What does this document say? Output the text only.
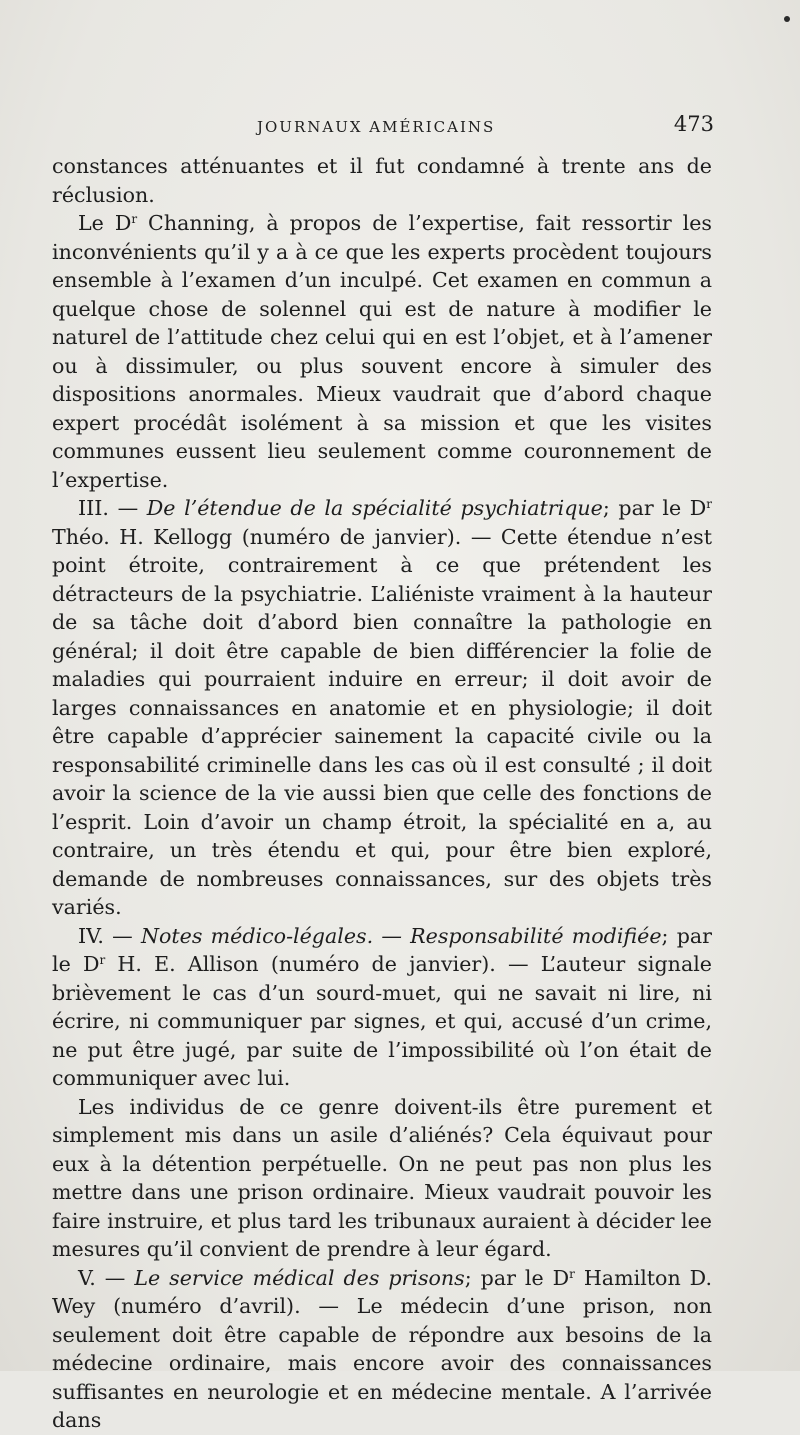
JOURNAUX AMÉRICAINS	473

constances atténuantes et il fut condamné à trente ans de réclusion.

Le $D^r$ Channing, à propos de l’expertise, fait ressortir les inconvénients qu’il y a à ce que les experts procèdent toujours ensemble à l’examen d’un inculpé. Cet examen en commun a quelque chose de solennel qui est de nature à modifier le naturel de l’attitude chez celui qui en est l’objet, et à l’amener ou à dissimuler, ou plus souvent encore à simuler des dispositions anormales. Mieux vaudrait que d’abord chaque expert procédât isolément à sa mission et que les visites communes eussent lieu seulement comme couronnement de l’expertise.

III. — De l’étendue de la spécialité psychiatrique; par le $D^r$ Théo. H. Kellogg (numéro de janvier). — Cette étendue n’est point étroite, contrairement à ce que prétendent les détracteurs de la psychiatrie. L’aliéniste vraiment à la hauteur de sa tâche doit d’abord bien connaître la pathologie en général; il doit être capable de bien différencier la folie de maladies qui pourraient induire en erreur; il doit avoir de larges connaissances en anatomie et en physiologie; il doit être capable d’apprécier sainement la capacité civile ou la responsabilité criminelle dans les cas où il est consulté ; il doit avoir la science de la vie aussi bien que celle des fonctions de l’esprit. Loin d’avoir un champ étroit, la spécialité en a, au contraire, un très étendu et qui, pour être bien exploré, demande de nombreuses connaissances, sur des objets très variés.

IV. — Notes médico-légales. — Responsabilité modifiée; par le $D^r$ H. E. Allison (numéro de janvier). — L’auteur signale brièvement le cas d’un sourd-muet, qui ne savait ni lire, ni écrire, ni communiquer par signes, et qui, accusé d’un crime, ne put être jugé, par suite de l’impossibilité où l’on était de communiquer avec lui.

Les individus de ce genre doivent-ils être purement et simplement mis dans un asile d’aliénés? Cela équivaut pour eux à la détention perpétuelle. On ne peut pas non plus les mettre dans une prison ordinaire. Mieux vaudrait pouvoir les faire instruire, et plus tard les tribunaux auraient à décider lee mesures qu’il convient de prendre à leur égard.

V. — Le service médical des prisons; par le $D^r$ Hamilton D. Wey (numéro d’avril). — Le médecin d’une prison, non seulement doit être capable de répondre aux besoins de la médecine ordinaire, mais encore avoir des connaissances suffisantes en neurologie et en médecine mentale. A l’arrivée dans
